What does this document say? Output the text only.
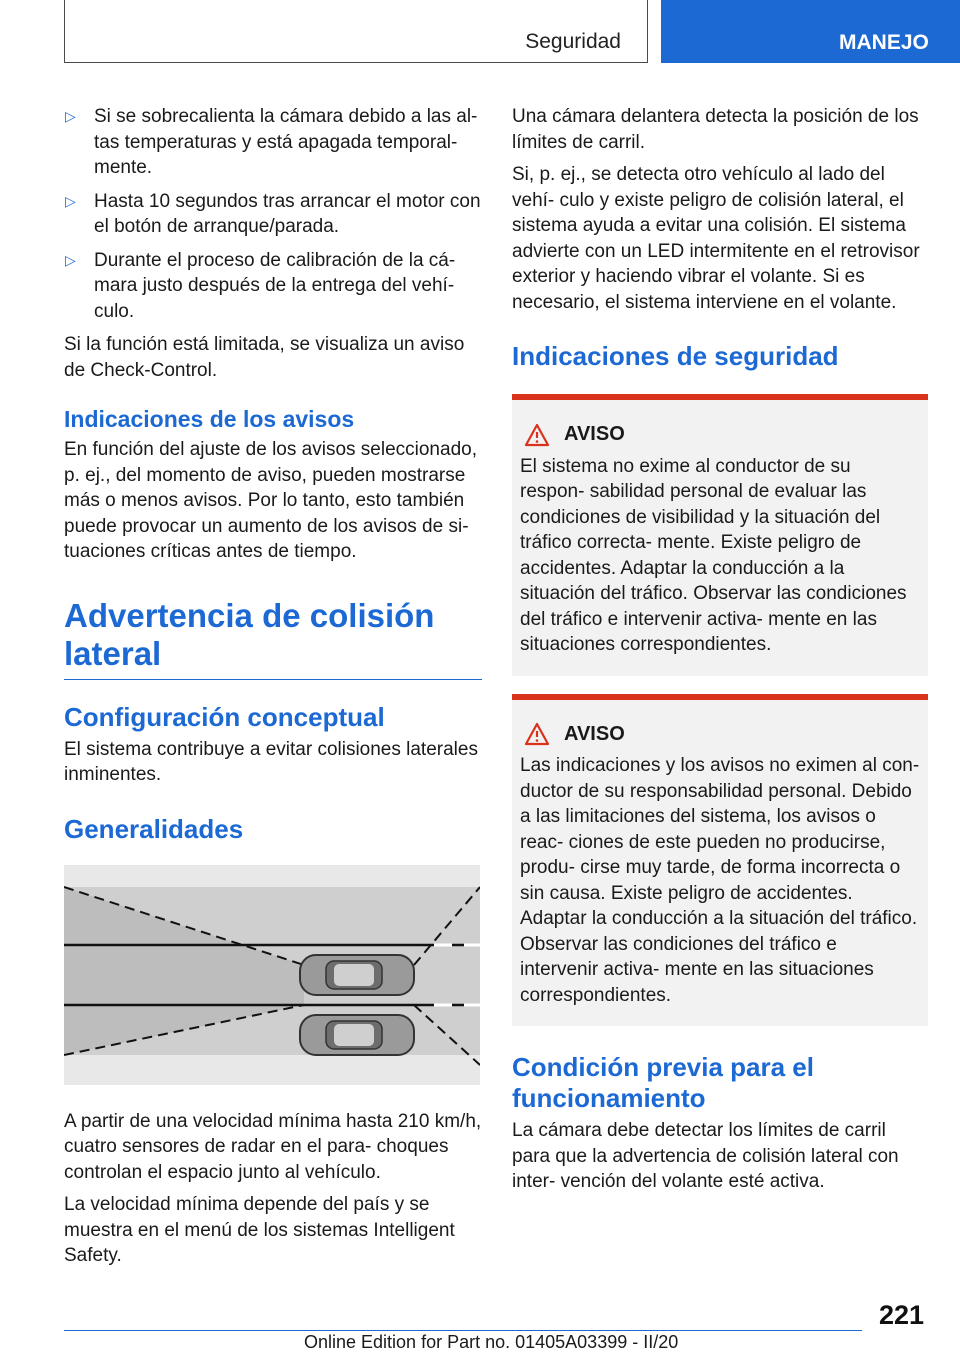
Seguridad	MANEJO
▷ Si se sobrecalienta la cámara debido a las al‐ tas temperaturas y está apagada temporal‐ mente.
▷ Hasta 10 segundos tras arrancar el motor con el botón de arranque/parada.
▷ Durante el proceso de calibración de la cá‐ mara justo después de la entrega del vehí‐ culo.

Si la función está limitada, se visualiza un aviso de Check-Control.

Indicaciones de los avisos

En función del ajuste de los avisos seleccionado, p. ej., del momento de aviso, pueden mostrarse más o menos avisos. Por lo tanto, esto también puede provocar un aumento de los avisos de si‐ tuaciones críticas antes de tiempo.

Advertencia de colisión lateral
Configuración conceptual

El sistema contribuye a evitar colisiones laterales inminentes.

Generalidades

A partir de una velocidad mínima hasta 210 km/h, cuatro sensores de radar en el para‐ choques controlan el espacio junto al vehículo.

La velocidad mínima depende del país y se muestra en el menú de los sistemas Intelligent Safety.

Una cámara delantera detecta la posición de los límites de carril.

Si, p. ej., se detecta otro vehículo al lado del vehí‐ culo y existe peligro de colisión lateral, el sistema ayuda a evitar una colisión. El sistema advierte con un LED intermitente en el retrovisor exterior y haciendo vibrar el volante. Si es necesario, el sistema interviene en el volante.

Indicaciones de seguridad
AVISO
El sistema no exime al conductor de su respon‐ sabilidad personal de evaluar las condiciones de visibilidad y la situación del tráfico correcta‐ mente. Existe peligro de accidentes. Adaptar la conducción a la situación del tráfico. Observar las condiciones del tráfico e intervenir activa‐ mente en las situaciones correspondientes.
AVISO
Las indicaciones y los avisos no eximen al con‐ ductor de su responsabilidad personal. Debido a las limitaciones del sistema, los avisos o reac‐ ciones de este pueden no producirse, produ‐ cirse muy tarde, de forma incorrecta o sin causa. Existe peligro de accidentes. Adaptar la conducción a la situación del tráfico. Observar las condiciones del tráfico e intervenir activa‐ mente en las situaciones correspondientes.
Condición previa para el funcionamiento

La cámara debe detectar los límites de carril para que la advertencia de colisión lateral con inter‐ vención del volante esté activa.

221
Online Edition for Part no. 01405A03399 - II/20
